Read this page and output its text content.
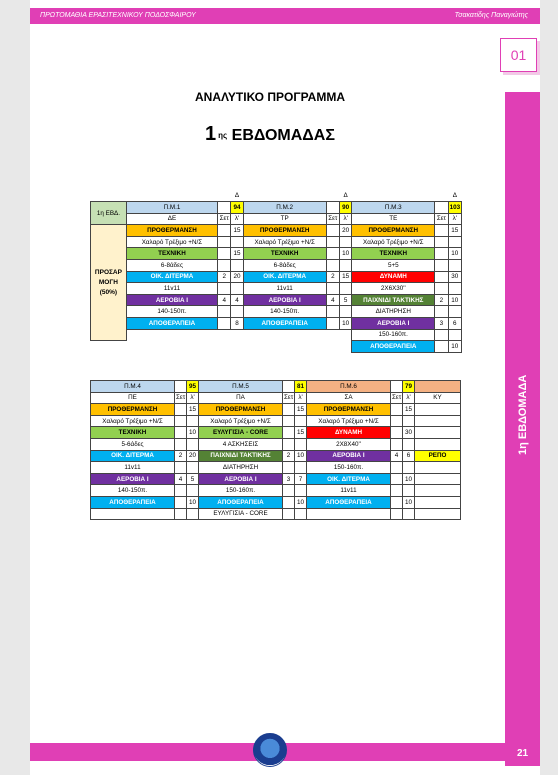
ΠΡΩΤΟΜΑΘΙΑ ΕΡΑΣΙΤΕΧΝΙΚΟΥ ΠΟΔΟΣΦΑΙΡΟΥ	Τσακατίδης Παναγιώτης
1η ΕΒΔΟΜΑΔΑ
01
21
ΑΝΑΛΥΤΙΚΟ ΠΡΟΓΡΑΜΜΑ
1 $^{\eta\varsigma}$ ΕΒΔΟΜΑΔΑΣ
			Δ			Δ			Δ
1η ΕΒΔ.	Π.Μ.1		94	Π.Μ.2		90	Π.Μ.3		103
	ΔΕ	Σετ	λ'	ΤΡ	Σετ	λ'	ΤΕ	Σετ	λ'
ΠΡΟΣΑΡ ΜΟΓΗ (50%)	ΠΡΟΘΕΡΜΑΝΣΗ		15	ΠΡΟΘΕΡΜΑΝΣΗ		20	ΠΡΟΘΕΡΜΑΝΣΗ		15
	Χαλαρό Τρέξιμο +Ν/Σ			Χαλαρό Τρέξιμο +Ν/Σ			Χαλαρό Τρέξιμο +Ν/Σ		
	ΤΕΧΝΙΚΗ		15	ΤΕΧΝΙΚΗ		10	ΤΕΧΝΙΚΗ		10
	6-8άδες			6-8άδες			5+5		
	ΟΙΚ. ΔΙΤΕΡΜΑ	2	20	ΟΙΚ. ΔΙΤΕΡΜΑ	2	15	ΔΥΝΑΜΗ		30
	11v11			11v11			2Χ6Χ30''		
	ΑΕΡΟΒΙΑ Ι	4	4	ΑΕΡΟΒΙΑ Ι	4	5	ΠΑΙΧΝΙΔΙ ΤΑΚΤΙΚΗΣ	2	10
	140-150π.			140-150π.			ΔΙΑΤΗΡΗΣΗ		
	ΑΠΟΘΕΡΑΠΕΙΑ		8	ΑΠΟΘΕΡΑΠΕΙΑ		10	ΑΕΡΟΒΙΑ Ι	3	6
							150-160π.		
							ΑΠΟΘΕΡΑΠΕΙΑ		10
Π.Μ.4		95	Π.Μ.5		81	Π.Μ.6		79	
ΠΕ	Σετ	λ'	ΠΑ	Σετ	λ'	ΣΑ	Σετ	λ'	ΚΥ
ΠΡΟΘΕΡΜΑΝΣΗ		15	ΠΡΟΘΕΡΜΑΝΣΗ		15	ΠΡΟΘΕΡΜΑΝΣΗ		15	
Χαλαρό Τρέξιμο +Ν/Σ			Χαλαρό Τρέξιμο +Ν/Σ			Χαλαρό Τρέξιμο +Ν/Σ			
ΤΕΧΝΙΚΗ		10	ΕΥΛΥΓΙΣΙΑ - CORE		15	ΔΥΝΑΜΗ		30	
5-6άδες			4 ΑΣΚΗΣΕΙΣ			2Χ8Χ40''			
ΟΙΚ. ΔΙΤΕΡΜΑ	2	20	ΠΑΙΧΝΙΔΙ ΤΑΚΤΙΚΗΣ	2	10	ΑΕΡΟΒΙΑ Ι	4	6	ΡΕΠΟ
11v11			ΔΙΑΤΗΡΗΣΗ			150-160π.			
ΑΕΡΟΒΙΑ Ι	4	5	ΑΕΡΟΒΙΑ Ι	3	7	ΟΙΚ. ΔΙΤΕΡΜΑ		10	
140-150π.			150-160π.			11v11			
ΑΠΟΘΕΡΑΠΕΙΑ		10	ΑΠΟΘΕΡΑΠΕΙΑ		10	ΑΠΟΘΕΡΑΠΕΙΑ		10	
			ΕΥΛΥΓΙΣΙΑ - CORE						
